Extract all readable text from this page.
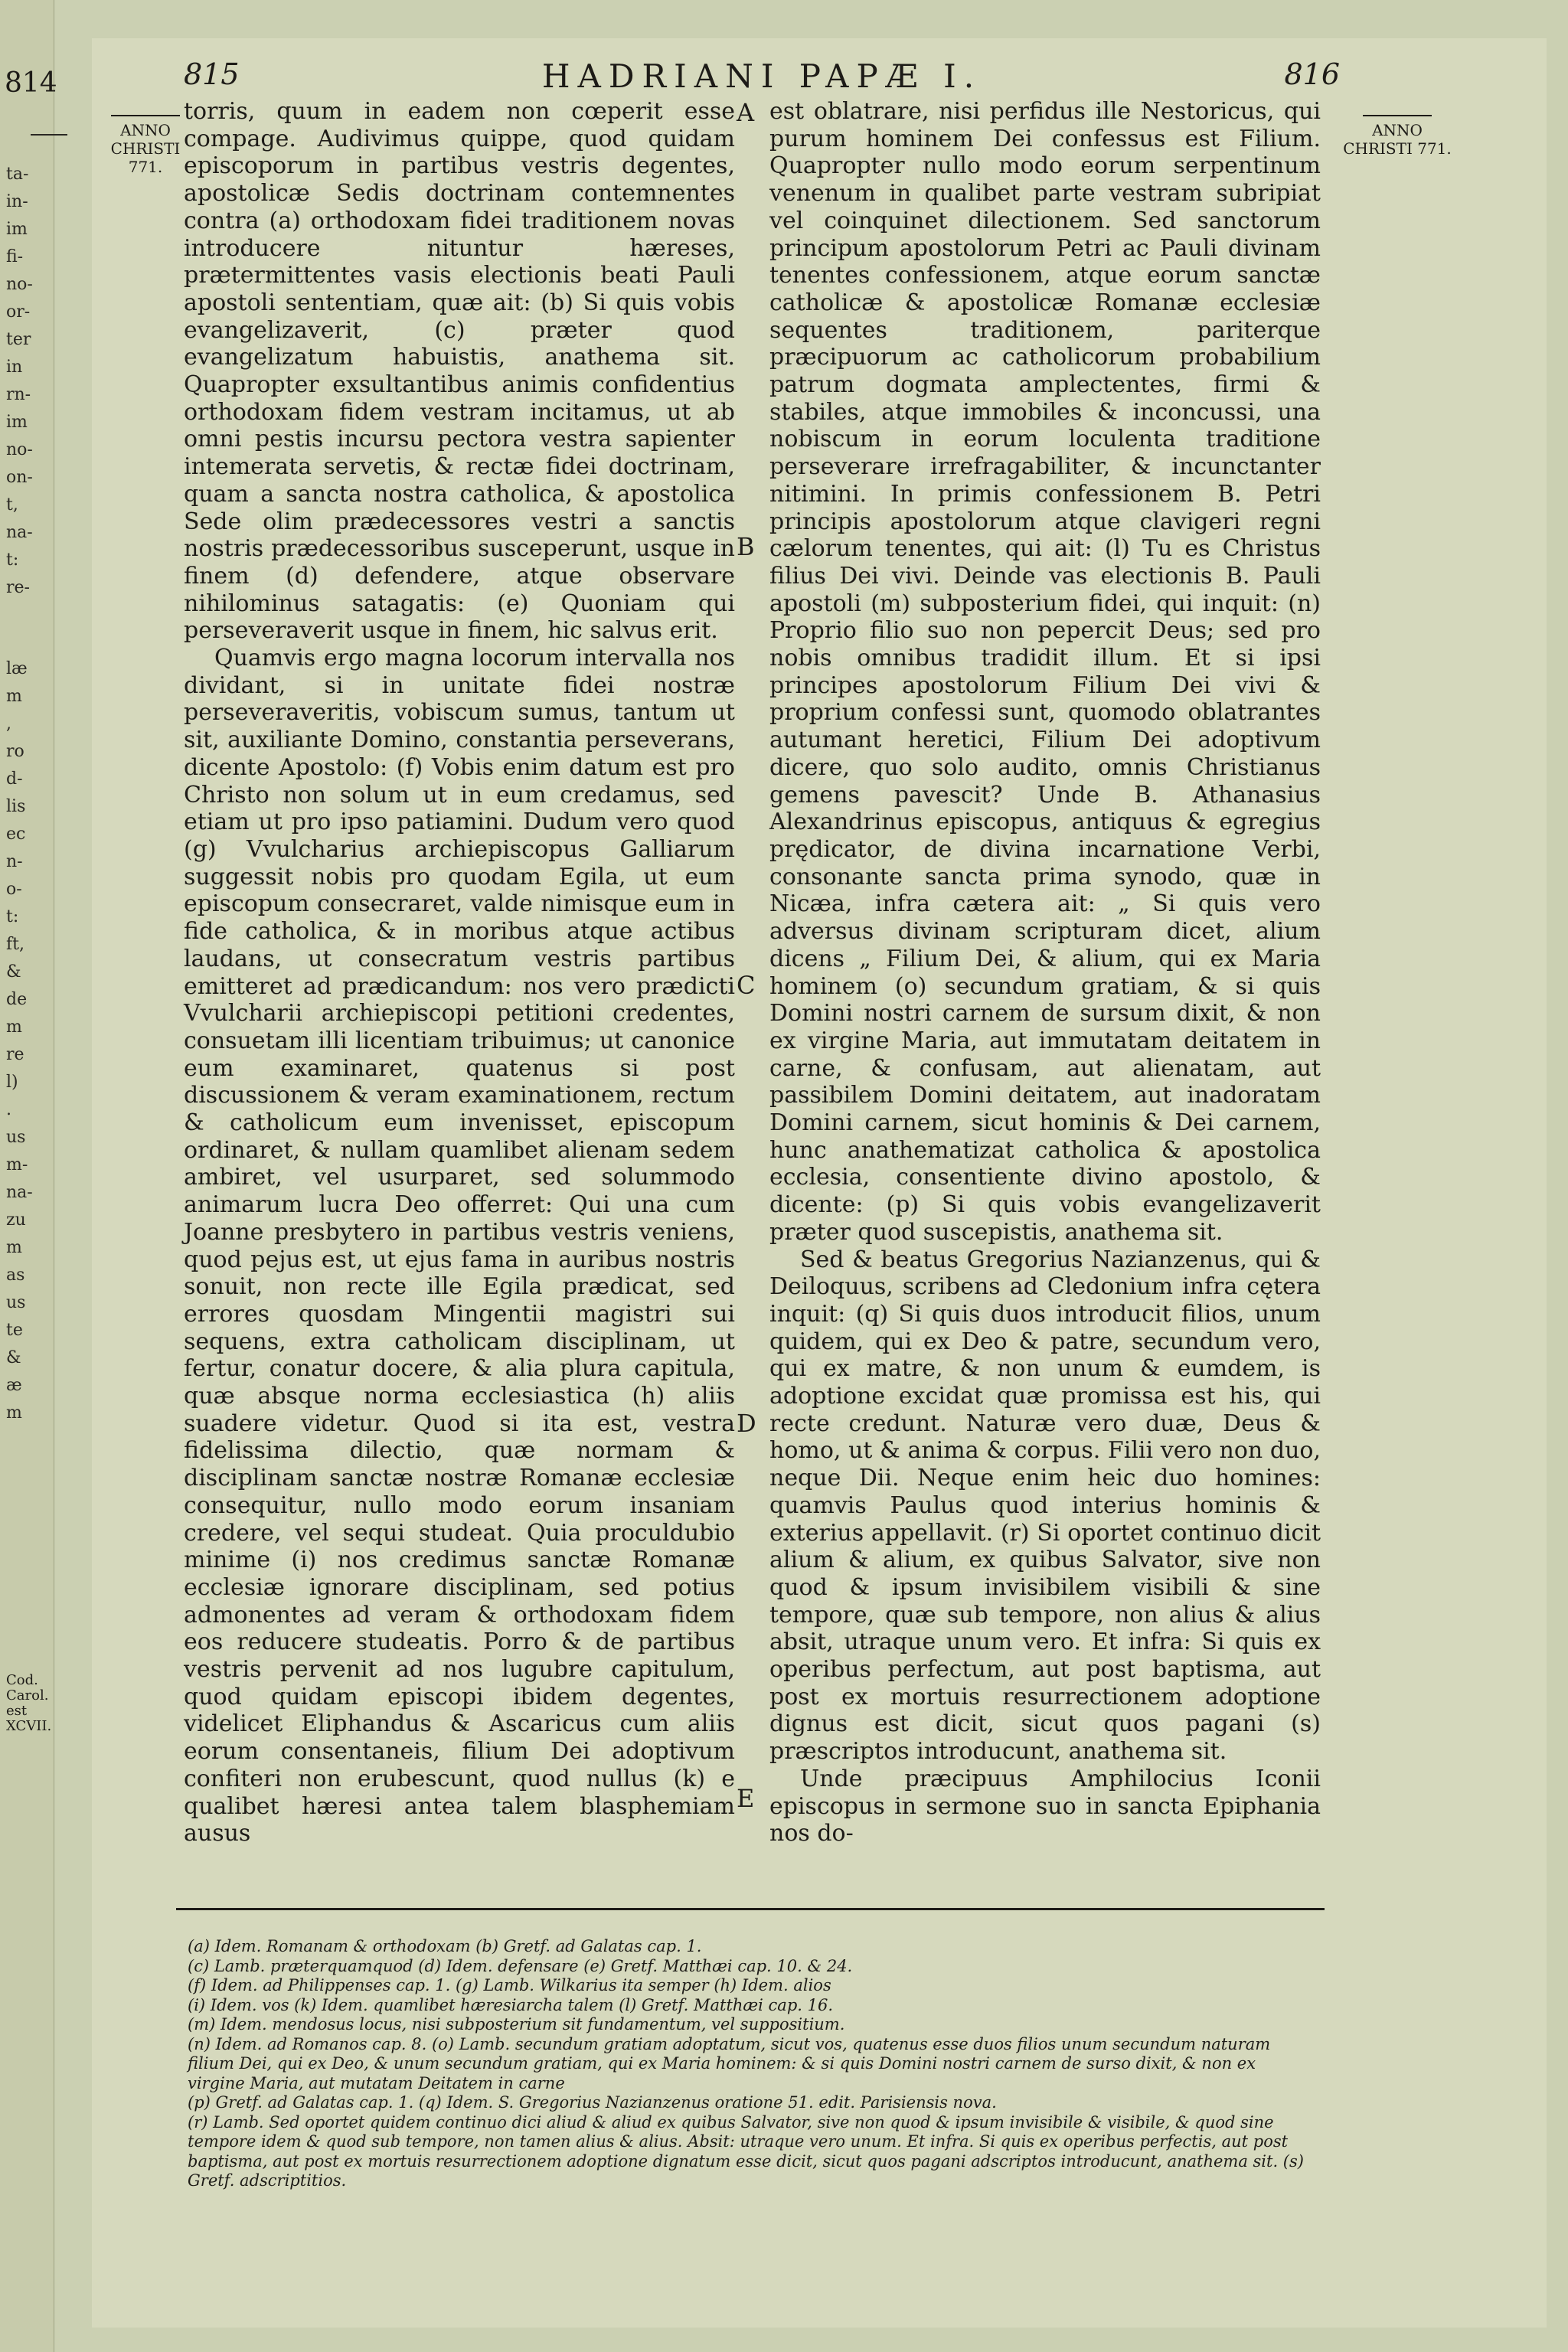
814
ta-
in-
im
fi-
no-
or-
ter
in
rn-
im
no-
on-
t,
na-
t:
re-
læ
m
,
ro
d-
lis
ec
n-
o-
t:
ft,
&
de
m
re
l)
.
us
m-
na-
zu
m
as
us
te
&
æ
m
Cod. Carol. est XCVII.
815	HADRIANI PAPÆ I.	816
ANNO CHRISTI 771.
ANNO CHRISTI 771.

torris, quum in eadem non cœperit esse compage. Audivimus quippe, quod quidam episcoporum in partibus vestris degentes, apostolicæ Sedis doctrinam contemnentes contra (a) orthodoxam fidei traditionem novas introducere nituntur hæreses, prætermittentes vasis electionis beati Pauli apostoli sententiam, quæ ait: (b) Si quis vobis evangelizaverit, (c) præter quod evangelizatum habuistis, anathema sit. Quapropter exsultantibus animis confidentius orthodoxam fidem vestram incitamus, ut ab omni pestis incursu pectora vestra sapienter intemerata servetis, & rectæ fidei doctrinam, quam a sancta nostra catholica, & apostolica Sede olim prædecessores vestri a sanctis nostris prædecessoribus susceperunt, usque in finem (d) defendere, atque observare nihilominus satagatis: (e) Quoniam qui perseveraverit usque in finem, hic salvus erit.

Quamvis ergo magna locorum intervalla nos dividant, si in unitate fidei nostræ perseveraveritis, vobiscum sumus, tantum ut sit, auxiliante Domino, constantia perseverans, dicente Apostolo: (f) Vobis enim datum est pro Christo non solum ut in eum credamus, sed etiam ut pro ipso patiamini. Dudum vero quod (g) Vvulcharius archiepiscopus Galliarum suggessit nobis pro quodam Egila, ut eum episcopum consecraret, valde nimisque eum in fide catholica, & in moribus atque actibus laudans, ut consecratum vestris partibus emitteret ad prædicandum: nos vero prædicti Vvulcharii archiepiscopi petitioni credentes, consuetam illi licentiam tribuimus; ut canonice eum examinaret, quatenus si post discussionem & veram examinationem, rectum & catholicum eum invenisset, episcopum ordinaret, & nullam quamlibet alienam sedem ambiret, vel usurparet, sed solummodo animarum lucra Deo offerret: Qui una cum Joanne presbytero in partibus vestris veniens, quod pejus est, ut ejus fama in auribus nostris sonuit, non recte ille Egila prædicat, sed errores quosdam Mingentii magistri sui sequens, extra catholicam disciplinam, ut fertur, conatur docere, & alia plura capitula, quæ absque norma ecclesiastica (h) aliis suadere videtur. Quod si ita est, vestra fidelissima dilectio, quæ normam & disciplinam sanctæ nostræ Romanæ ecclesiæ consequitur, nullo modo eorum insaniam credere, vel sequi studeat. Quia proculdubio minime (i) nos credimus sanctæ Romanæ ecclesiæ ignorare disciplinam, sed potius admonentes ad veram & orthodoxam fidem eos reducere studeatis. Porro & de partibus vestris pervenit ad nos lugubre capitulum, quod quidam episcopi ibidem degentes, videlicet Eliphandus & Ascaricus cum aliis eorum consentaneis, filium Dei adoptivum confiteri non erubescunt, quod nullus (k) e qualibet hæresi antea talem blasphemiam ausus

est oblatrare, nisi perfidus ille Nestoricus, qui purum hominem Dei confessus est Filium. Quapropter nullo modo eorum serpentinum venenum in qualibet parte vestram subripiat vel coinquinet dilectionem. Sed sanctorum principum apostolorum Petri ac Pauli divinam tenentes confessionem, atque eorum sanctæ catholicæ & apostolicæ Romanæ ecclesiæ sequentes traditionem, pariterque præcipuorum ac catholicorum probabilium patrum dogmata amplectentes, firmi & stabiles, atque immobiles & inconcussi, una nobiscum in eorum loculenta traditione perseverare irrefragabiliter, & incunctanter nitimini. In primis confessionem B. Petri principis apostolorum atque clavigeri regni cælorum tenentes, qui ait: (l) Tu es Christus filius Dei vivi. Deinde vas electionis B. Pauli apostoli (m) subposterium fidei, qui inquit: (n) Proprio filio suo non pepercit Deus; sed pro nobis omnibus tradidit illum. Et si ipsi principes apostolorum Filium Dei vivi & proprium confessi sunt, quomodo oblatrantes autumant heretici, Filium Dei adoptivum dicere, quo solo audito, omnis Christianus gemens pavescit? Unde B. Athanasius Alexandrinus episcopus, antiquus & egregius prędicator, de divina incarnatione Verbi, consonante sancta prima synodo, quæ in Nicæa, infra cætera ait: „ Si quis vero adversus divinam scripturam dicet, alium dicens „ Filium Dei, & alium, qui ex Maria hominem (o) secundum gratiam, & si quis Domini nostri carnem de sursum dixit, & non ex virgine Maria, aut immutatam deitatem in carne, & confusam, aut alienatam, aut passibilem Domini deitatem, aut inadoratam Domini carnem, sicut hominis & Dei carnem, hunc anathematizat catholica & apostolica ecclesia, consentiente divino apostolo, & dicente: (p) Si quis vobis evangelizaverit præter quod suscepistis, anathema sit.

Sed & beatus Gregorius Nazianzenus, qui & Deiloquus, scribens ad Cledonium infra cętera inquit: (q) Si quis duos introducit filios, unum quidem, qui ex Deo & patre, secundum vero, qui ex matre, & non unum & eumdem, is adoptione excidat quæ promissa est his, qui recte credunt. Naturæ vero duæ, Deus & homo, ut & anima & corpus. Filii vero non duo, neque Dii. Neque enim heic duo homines: quamvis Paulus quod interius hominis & exterius appellavit. (r) Si oportet continuo dicit alium & alium, ex quibus Salvator, sive non quod & ipsum invisibilem visibili & sine tempore, quæ sub tempore, non alius & alius absit, utraque unum vero. Et infra: Si quis ex operibus perfectum, aut post baptisma, aut post ex mortuis resurrectionem adoptione dignus est dicit, sicut quos pagani (s) præscriptos introducunt, anathema sit.

Unde præcipuus Amphilocius Iconii episcopus in sermone suo in sancta Epiphania nos do-

A
B
C
D
E
(a) Idem. Romanam & orthodoxam (b) Gretf. ad Galatas cap. 1.
(c) Lamb. præterquamquod (d) Idem. defensare (e) Gretf. Matthæi cap. 10. & 24.
(f) Idem. ad Philippenses cap. 1. (g) Lamb. Wilkarius ita semper (h) Idem. alios
(i) Idem. vos (k) Idem. quamlibet hæresiarcha talem (l) Gretf. Matthæi cap. 16.
(m) Idem. mendosus locus, nisi subposterium sit fundamentum, vel suppositium.
(n) Idem. ad Romanos cap. 8. (o) Lamb. secundum gratiam adoptatum, sicut vos, quatenus esse duos filios unum secundum naturam filium Dei, qui ex Deo, & unum secundum gratiam, qui ex Maria hominem: & si quis Domini nostri carnem de surso dixit, & non ex virgine Maria, aut mutatam Deitatem in carne
(p) Gretf. ad Galatas cap. 1. (q) Idem. S. Gregorius Nazianzenus oratione 51. edit. Parisiensis nova.
(r) Lamb. Sed oportet quidem continuo dici aliud & aliud ex quibus Salvator, sive non quod & ipsum invisibile & visibile, & quod sine tempore idem & quod sub tempore, non tamen alius & alius. Absit: utraque vero unum. Et infra. Si quis ex operibus perfectis, aut post baptisma, aut post ex mortuis resurrectionem adoptione dignatum esse dicit, sicut quos pagani adscriptos introducunt, anathema sit. (s) Gretf. adscriptitios.
